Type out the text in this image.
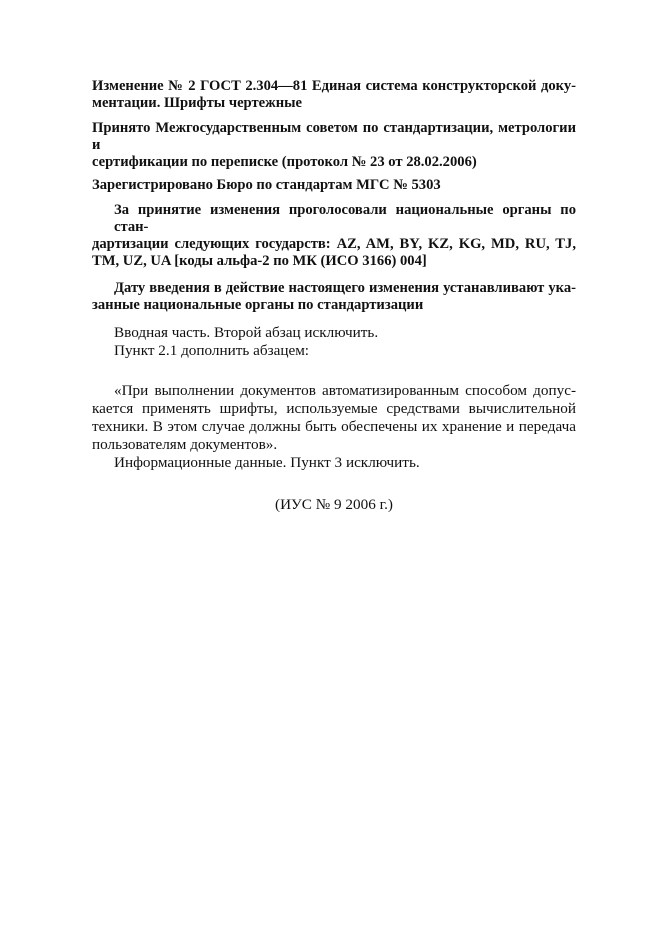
Изменение № 2 ГОСТ 2.304—81 Единая система конструкторской доку-
ментации. Шрифты чертежные

Принято Межгосударственным советом по стандартизации, метрологии и
сертификации по переписке (протокол № 23 от 28.02.2006)

Зарегистрировано Бюро по стандартам МГС № 5303

За принятие изменения проголосовали национальные органы по стан-
дартизации следующих государств: AZ, AM, BY, KZ, KG, MD, RU, TJ,
TM, UZ, UA [коды альфа-2 по МК (ИСО 3166) 004]

Дату введения в действие настоящего изменения устанавливают ука-
занные национальные органы по стандартизации

Вводная часть. Второй абзац исключить.
Пункт 2.1 дополнить абзацем:

«При выполнении документов автоматизированным способом допус-
кается применять шрифты, используемые средствами вычислительной
техники. В этом случае должны быть обеспечены их хранение и передача
пользователям документов».
Информационные данные. Пункт 3 исключить.

(ИУС № 9 2006 г.)
